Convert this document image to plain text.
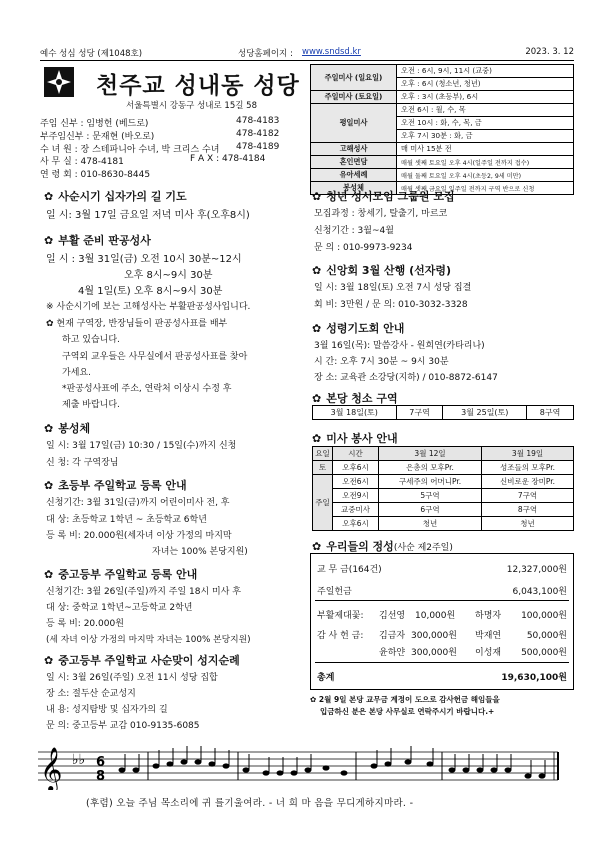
예수 성심 성당 (제1048호)	성당홈페이지 : www.sndsd.kr	2023. 3. 12
천주교 성내동 성당
서울특별시 강동구 성내로 15길 58
주임 신부 : 임병헌 (베드로)	478-4183
부주임신부 : 문재현 (바오로)	478-4182
수 녀 원 : 장 스테파니아 수녀, 박 크리스 수녀 478-4189
사 무 실 : 478-4181	F A X : 478-4184
연 령 회 : 010-8630-8445
주일미사 (일요일)	오전 : 6시, 9시, 11시 (교중)
	오후 : 6시 (청소년, 청년)
주일미사 (토요일)	오후 : 3시 (초등부), 6시
평일미사	오전 6시 : 월, 수, 목
	오전 10시 : 화, 수, 목, 금
	오후 7시 30분 : 화, 금
고해성사	매 미사 15분 전
혼인면담	매월 셋째 토요일 오후 4시(일주일 전까지 접수)
유아세례	매월 둘째 토요일 오후 4시(초등2, 9세 미만)
봉성체	매월 셋째 금요일 일주일 전까지 구역 반으로 신청
✿ 사순시기 십자가의 길 기도
일 시: 3월 17일 금요일 저녁 미사 후(오후8시)
✿ 부활 준비 판공성사
일 시 : 3월 31일(금) 오전 10시 30분~12시
오후 8시~9시 30분
4월 1일(토) 오후 8시~9시 30분
※ 사순시기에 보는 고해성사는 부활판공성사입니다.
✿ 현재 구역장, 반장님들이 판공성사표를 배부
하고 있습니다.
구역외 교우들은 사무실에서 판공성사표를 찾아
가세요.
*판공성사표에 주소, 연락처 이상시 수정 후
제출 바랍니다.
✿ 봉성체
일 시: 3월 17일(금) 10:30 / 15일(수)까지 신청
신 청: 각 구역장님
✿ 초등부 주일학교 등록 안내
신청기간: 3월 31일(금)까지 어린이미사 전, 후
대 상: 초등학교 1학년 ~ 초등학교 6학년
등 록 비: 20.000원(세자녀 이상 가정의 마지막
자녀는 100% 본당지원)
✿ 중고등부 주일학교 등록 안내
신청기간: 3월 26일(주일)까지 주일 18시 미사 후
대 상: 중학교 1학년~고등학교 2학년
등 록 비: 20.000원
(세 자녀 이상 가정의 마지막 자녀는 100% 본당지원)
✿ 중고등부 주일학교 사순맞이 성지순례
일 시: 3월 26일(주일) 오전 11시 성당 집합
장 소: 절두산 순교성지
내 용: 성지탐방 및 십자가의 길
문 의: 중고등부 교감 010-9135-6085
✿ 청년 성서모임 그룹원 모집
모집과정 : 창세기, 탈출기, 마르코
신청기간 : 3월~4월
문 의 : 010-9973-9234
✿ 신앙회 3월 산행 (선자령)
일 시: 3월 18일(토) 오전 7시 성당 집결
회 비: 3만원 / 문 의: 010-3032-3328
✿ 성령기도회 안내
3월 16일(목): 말씀강사 - 원희연(카타리나)
시 간: 오후 7시 30분 ~ 9시 30분
장 소: 교육관 소강당(지하) / 010-8872-6147
✿ 본당 청소 구역
3월 18일(토)	7구역	3월 25일(토)	8구역
✿ 미사 봉사 안내
요일	시간	3월 12일	3월 19일
토	오후6시	은총의 모후Pr.	성조들의 모후Pr.
주일	오전6시	구세주의 어머니Pr.	신비로운 장미Pr.
	오전9시	5구역	7구역
	교중미사	6구역	8구역
	오후6시	청년	청년
✿ 우리들의 정성(사순 제2주일)
교 무 금(164건)	12,327,000원
주일헌금	6,043,100원
부활제대꽃: 김선영 10,000원 하명자 100,000원
감 사 헌 금: 김금자 300,000원 박재연	50,000원
윤하얀 300,000원 이성재 500,000원
총계	19,630,100원
✿ 2월 9일 본당 교무금 계정이 도으로 감사헌금 해임들을
입금하신 분은 본당 사무실로 연락주시기 바랍니다.+
𝄞 ♭♭ 6
8
(후렴) 오늘 주님 목소리에 귀 를기울여라. - 너 희 마 음을 무디게하지마라. -
